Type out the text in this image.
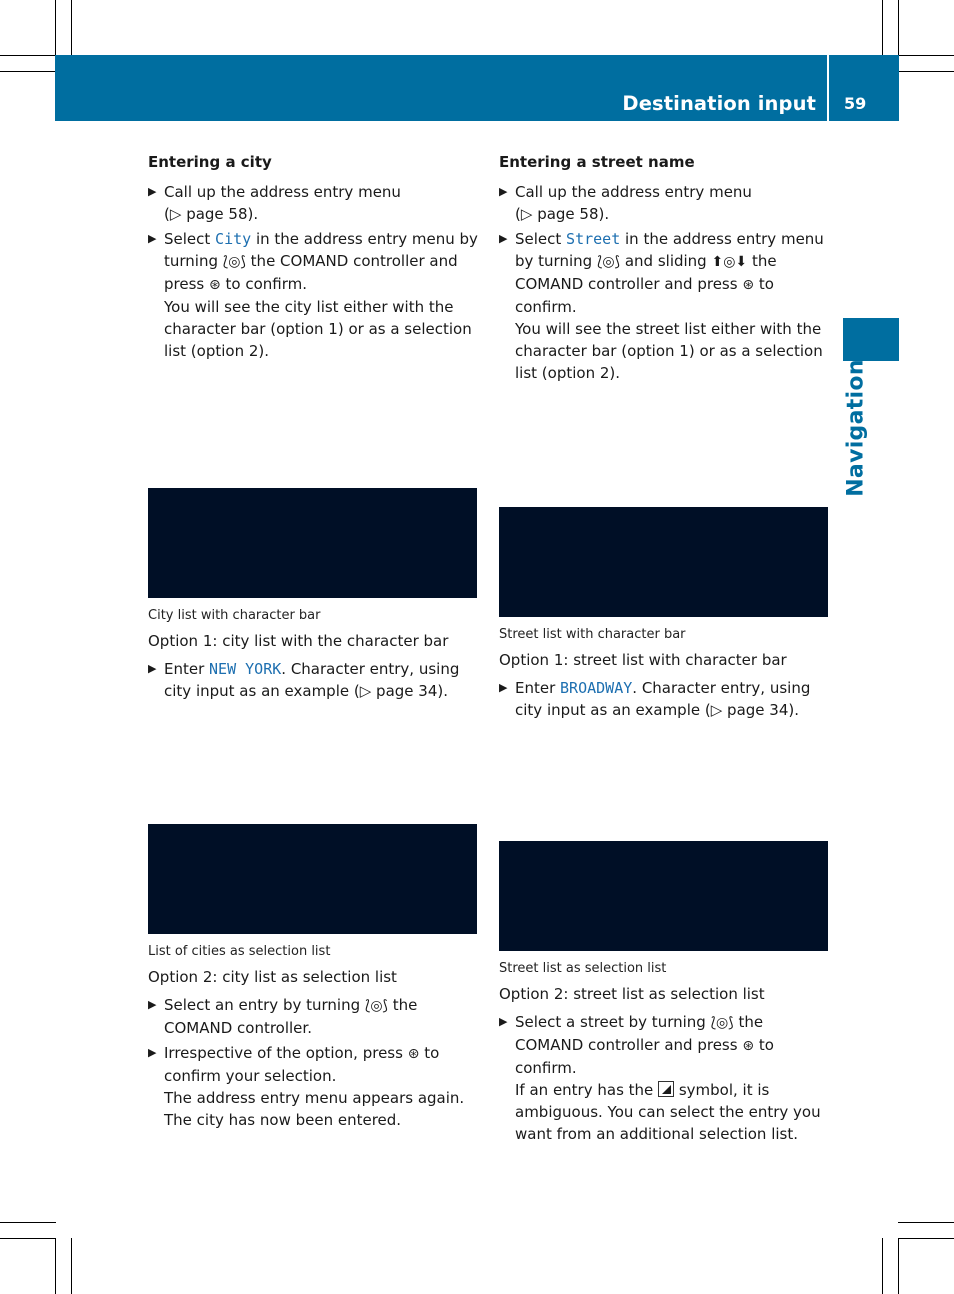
Destination input 59
Navigation
Entering a city
▶ Call up the address entry menu
(▷ page 58).
▶ Select City in the address entry menu by turning ⟅◎⟆ the COMAND controller and press ⊛ to confirm.
You will see the city list either with the character bar (option 1) or as a selection list (option 2).
City list with character bar
Option 1: city list with the character bar
▶ Enter NEW YORK. Character entry, using city input as an example (▷ page 34).
List of cities as selection list
Option 2: city list as selection list
▶ Select an entry by turning ⟅◎⟆ the COMAND controller.
▶ Irrespective of the option, press ⊛ to confirm your selection.
The address entry menu appears again. The city has now been entered.
Entering a street name
▶ Call up the address entry menu
(▷ page 58).
▶ Select Street in the address entry menu by turning ⟅◎⟆ and sliding ⬆◎⬇ the COMAND controller and press ⊛ to confirm.
You will see the street list either with the character bar (option 1) or as a selection list (option 2).
Street list with character bar
Option 1: street list with character bar
▶ Enter BROADWAY. Character entry, using city input as an example (▷ page 34).
Street list as selection list
Option 2: street list as selection list
▶ Select a street by turning ⟅◎⟆ the COMAND controller and press ⊛ to confirm.
If an entry has the  symbol, it is ambiguous. You can select the entry you want from an additional selection list.
